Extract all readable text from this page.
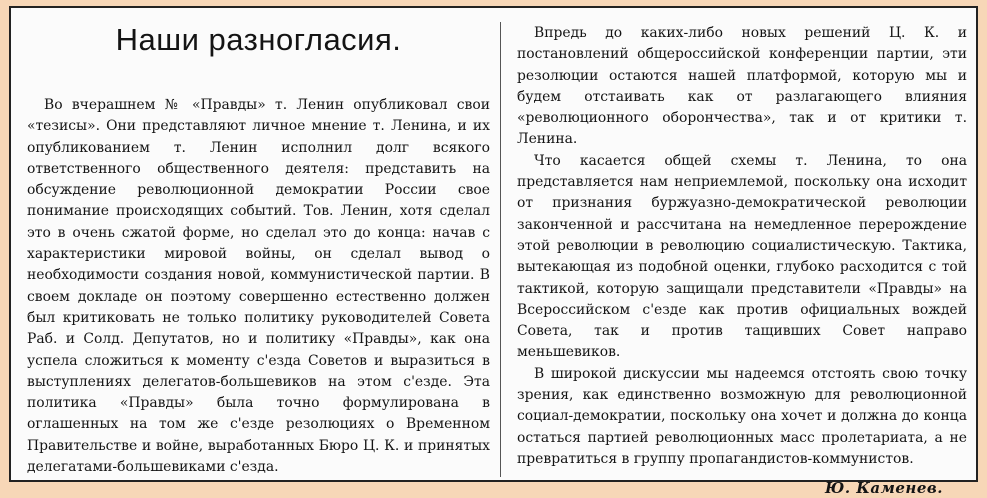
Наши разногласия.

Во вчерашнем № «Правды» т. Ленин опубликовал свои «тезисы». Они представляют личное мнение т. Ленина, и их опубликованием т. Ленин исполнил долг всякого ответственного общественного деятеля: представить на обсуждение революционной демократии России свое понимание происходящих событий. Тов. Ленин, хотя сделал это в очень сжатой форме, но сделал это до конца: начав с характеристики мировой войны, он сделал вывод о необходимости создания новой, коммунистической партии. В своем докладе он поэтому совершенно естественно должен был критиковать не только политику руководителей Совета Раб. и Солд. Депутатов, но и политику «Правды», как она успела сложиться к моменту с'езда Советов и выразиться в выступлениях делегатов-большевиков на этом с'езде. Эта политика «Правды» была точно формулирована в оглашенных на том же с'езде резолюциях о Временном Правительстве и войне, выработанных Бюро Ц. К. и принятых делегатами-большевиками с'езда.

Впредь до каких-либо новых решений Ц. К. и постановлений общероссийской конференции партии, эти резолюции остаются нашей платформой, которую мы и будем отстаивать как от разлагающего влияния «революционного оборончества», так и от критики т. Ленина.

Что касается общей схемы т. Ленина, то она представляется нам неприемлемой, поскольку она исходит от признания буржуазно-демократической революции законченной и рассчитана на немедленное перерождение этой революции в революцию социалистическую. Тактика, вытекающая из подобной оценки, глубоко расходится с той тактикой, которую защищали представители «Правды» на Всероссийском с'езде как против официальных вождей Совета, так и против тащивших Совет направо меньшевиков.

В широкой дискуссии мы надеемся отстоять свою точку зрения, как единственно возможную для революционной социал-демократии, поскольку она хочет и должна до конца остаться партией революционных масс пролетариата, а не превратиться в группу пропагандистов-коммунистов.

Ю. Каменев.
